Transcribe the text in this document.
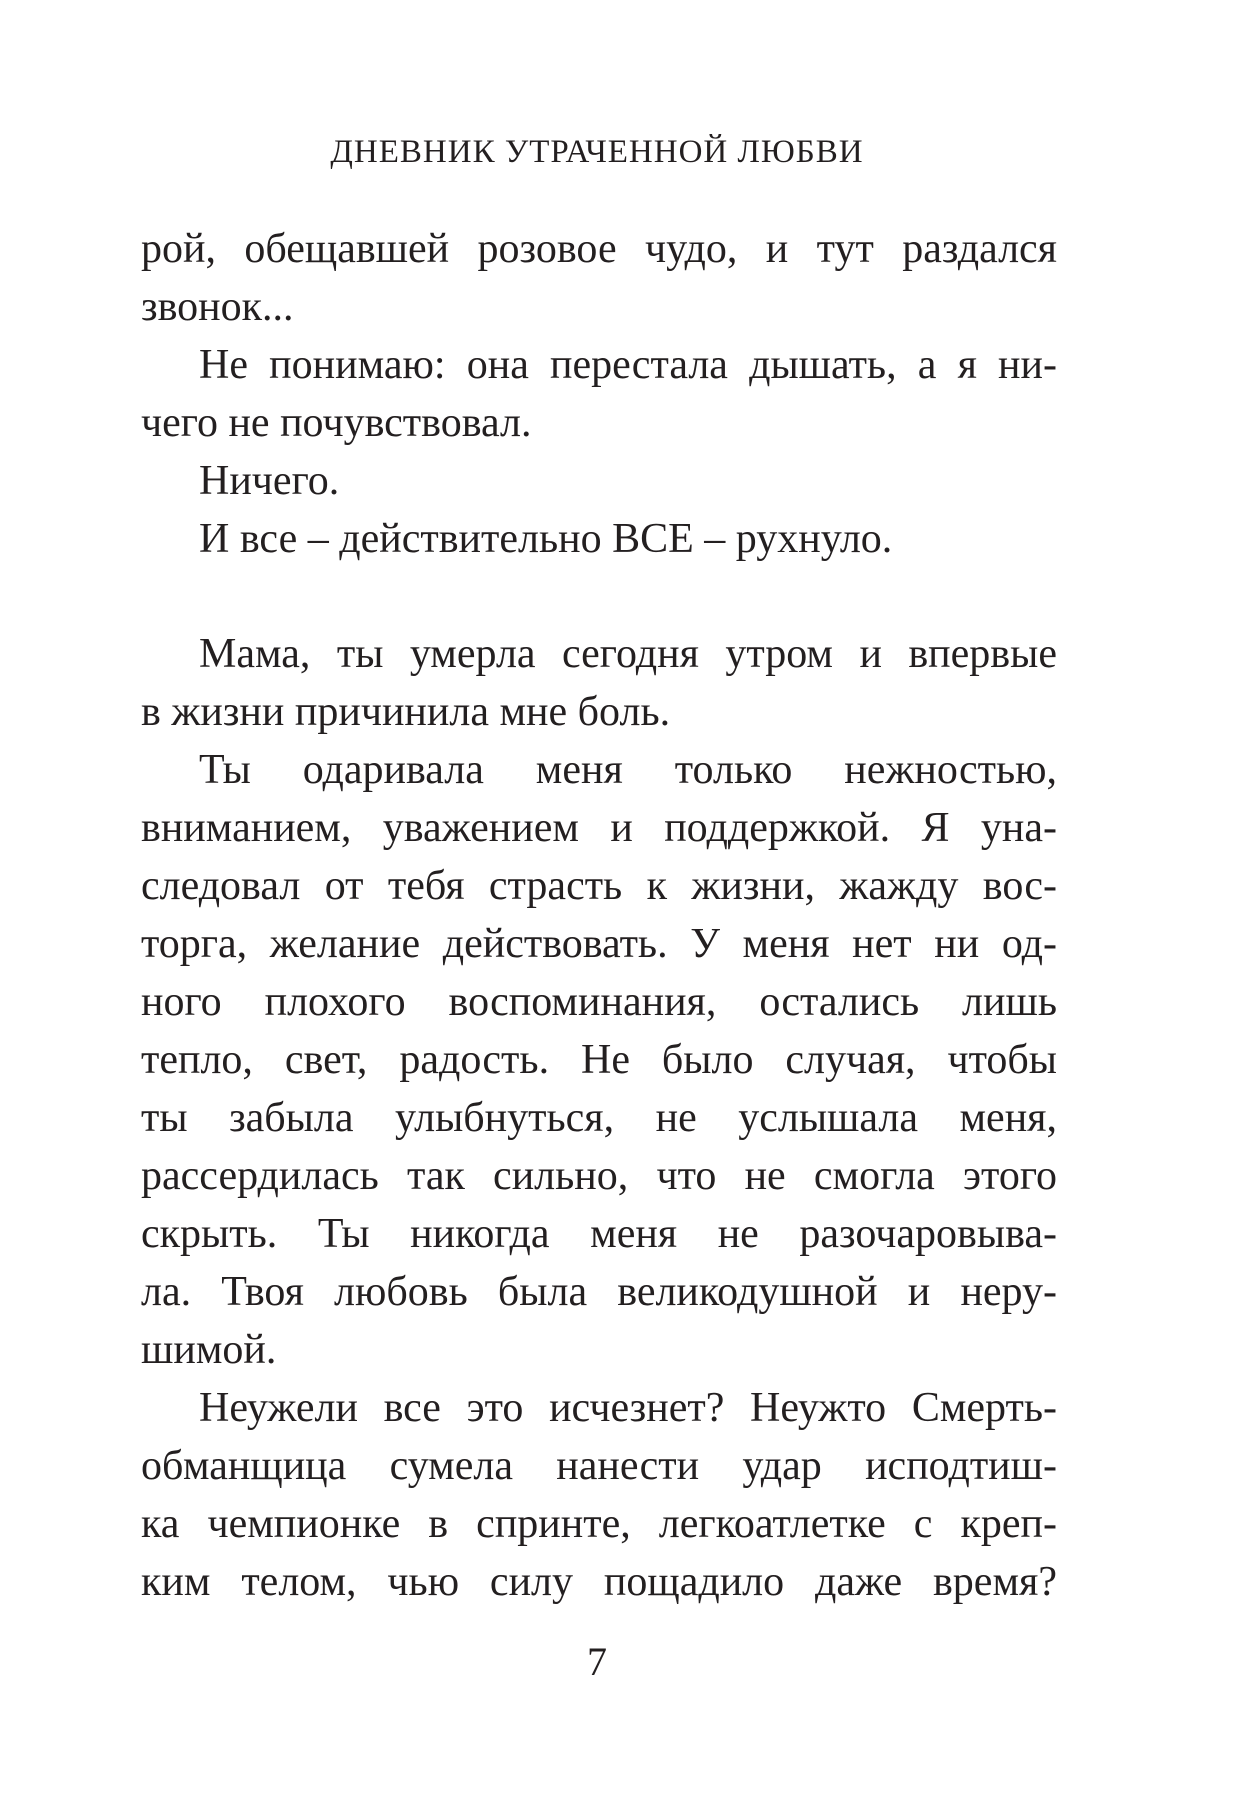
ДНЕВНИК УТРАЧЕННОЙ ЛЮБВИ
рой, обещавшей розовое чудо, и тут раздался
звонок...
Не понимаю: она перестала дышать, а я ни-
чего не почувствовал.
Ничего.
И все – действительно ВСЕ – рухнуло.
Мама, ты умерла сегодня утром и впервые
в жизни причинила мне боль.
Ты одаривала меня только нежностью,
вниманием, уважением и поддержкой. Я уна-
следовал от тебя страсть к жизни, жажду вос-
торга, желание действовать. У меня нет ни од-
ного плохого воспоминания, остались лишь
тепло, свет, радость. Не было случая, чтобы
ты забыла улыбнуться, не услышала меня,
рассердилась так сильно, что не смогла этого
скрыть. Ты никогда меня не разочаровыва-
ла. Твоя любовь была великодушной и неру-
шимой.
Неужели все это исчезнет? Неужто Смерть-
обманщица сумела нанести удар исподтиш-
ка чемпионке в спринте, легкоатлетке с креп-
ким телом, чью силу пощадило даже время?
7
